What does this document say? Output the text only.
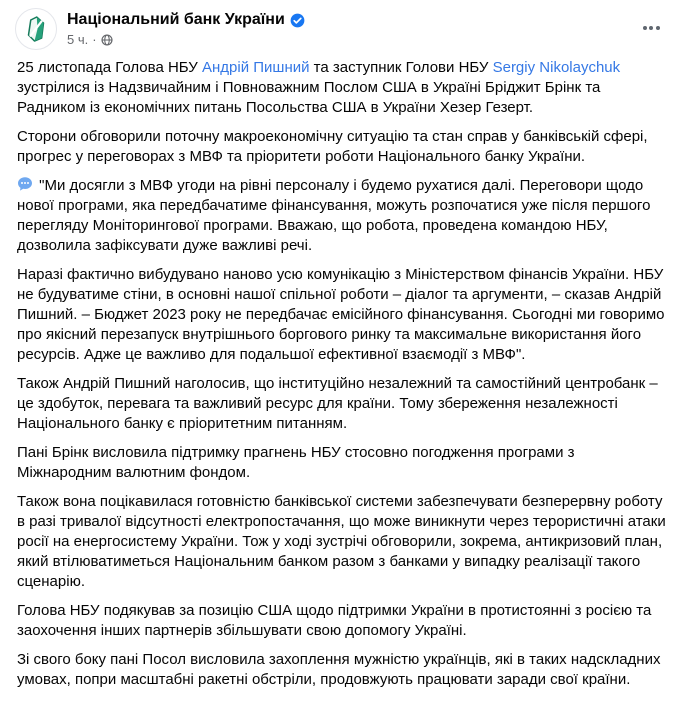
Національний банк України
5 ч. ·

25 листопада Голова НБУ Андрій Пишний та заступник Голови НБУ Sergiy Nikolaychuk зустрілися із Надзвичайним і Повноважним Послом США в Україні Бріджит Брінк та Радником із економічних питань Посольства США в України Хезер Гезерт.

Сторони обговорили поточну макроекономічну ситуацію та стан справ у банківській сфері, прогрес у переговорах з МВФ та пріоритети роботи Національного банку України.

"Ми досягли з МВФ угоди на рівні персоналу і будемо рухатися далі. Переговори щодо нової програми, яка передбачатиме фінансування, можуть розпочатися уже після першого перегляду Моніторингової програми. Вважаю, що робота, проведена командою НБУ, дозволила зафіксувати дуже важливі речі.

Наразі фактично вибудувано наново усю комунікацію з Міністерством фінансів України. НБУ не будуватиме стіни, в основні нашої спільної роботи – діалог та аргументи, – сказав Андрій Пишний. – Бюджет 2023 року не передбачає емісійного фінансування. Сьогодні ми говоримо про якісний перезапуск внутрішнього боргового ринку та максимальне використання його ресурсів. Адже це важливо для подальшої ефективної взаємодії з МВФ".

Також Андрій Пишний наголосив, що інституційно незалежний та самостійний центробанк – це здобуток, перевага та важливий ресурс для країни. Тому збереження незалежності Національного банку є пріоритетним питанням.

Пані Брінк висловила підтримку прагнень НБУ стосовно погодження програми з Міжнародним валютним фондом.

Також вона поцікавилася готовністю банківської системи забезпечувати безперервну роботу в разі тривалої відсутності електропостачання, що може виникнути через терористичні атаки росії на енергосистему України. Тож у ході зустрічі обговорили, зокрема, антикризовий план, який втілюватиметься Національним банком разом з банками у випадку реалізації такого сценарію.

Голова НБУ подякував за позицію США щодо підтримки України в протистоянні з росією та заохочення інших партнерів збільшувати свою допомогу Україні.

Зі свого боку пані Посол висловила захоплення мужністю українців, які в таких надскладних умовах, попри масштабні ракетні обстріли, продовжують працювати заради свої країни.
